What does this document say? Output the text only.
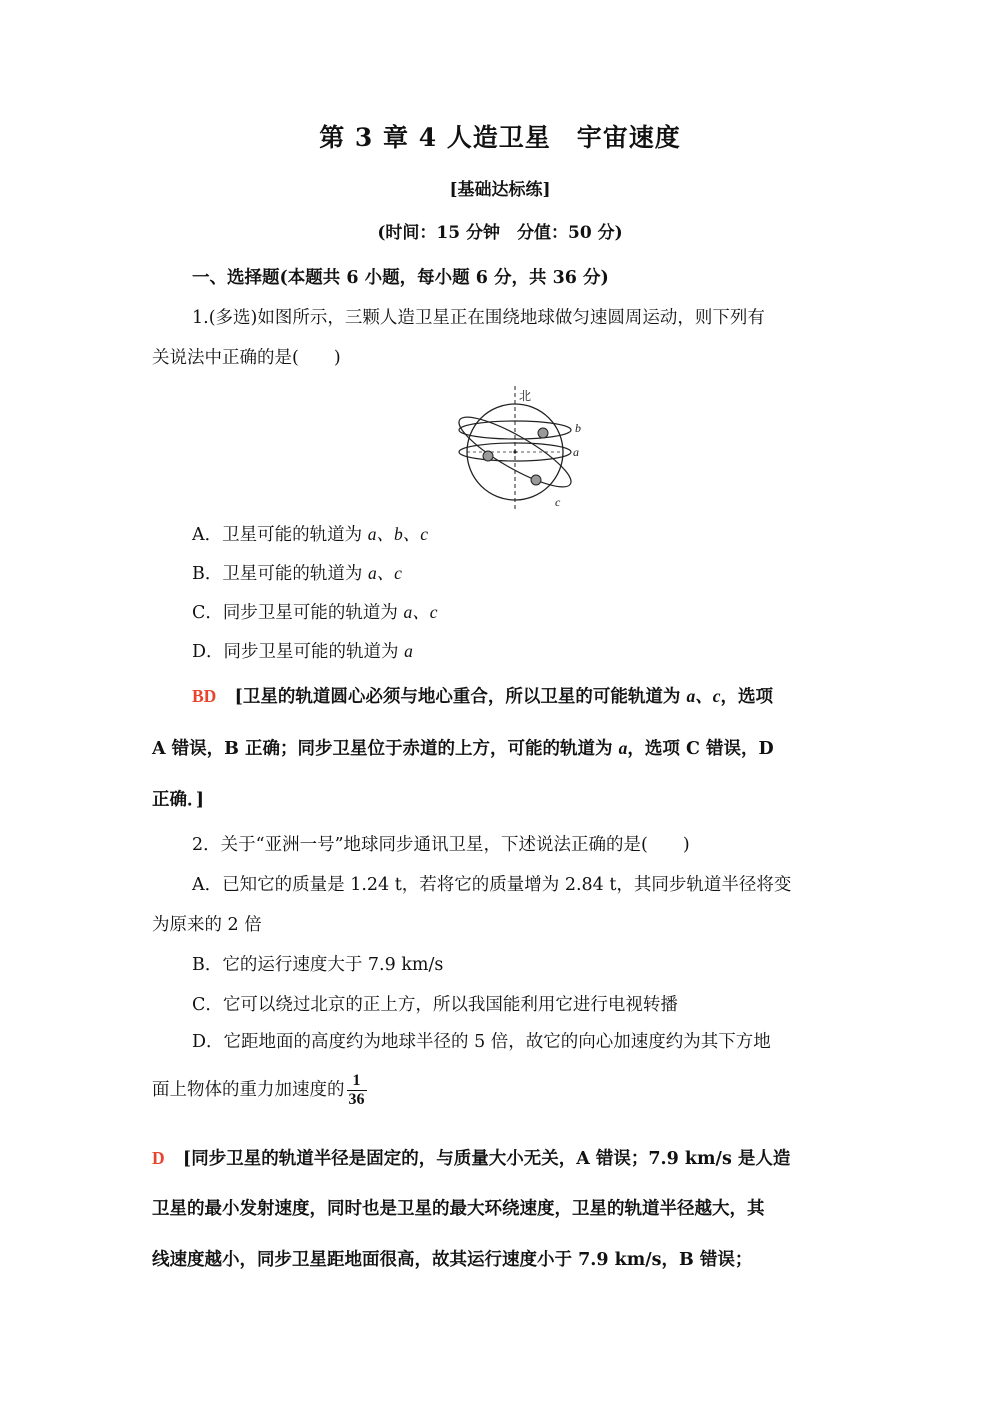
第 3 章 4 人造卫星　宇宙速度
[基础达标练]
(时间：15 分钟　分值：50 分)
一、选择题(本题共 6 小题，每小题 6 分，共 36 分)
1.(多选)如图所示，三颗人造卫星正在围绕地球做匀速圆周运动，则下列有
关说法中正确的是(　　)
北
b
a
c
A．卫星可能的轨道为 a、b、c
B．卫星可能的轨道为 a、c
C．同步卫星可能的轨道为 a、c
D．同步卫星可能的轨道为 a
BD [卫星的轨道圆心必须与地心重合，所以卫星的可能轨道为 a、c，选项
A 错误，B 正确；同步卫星位于赤道的上方，可能的轨道为 a，选项 C 错误，D
正确．]
2．关于“亚洲一号”地球同步通讯卫星，下述说法正确的是(　　)
A．已知它的质量是 1.24 t，若将它的质量增为 2.84 t，其同步轨道半径将变
为原来的 2 倍
B．它的运行速度大于 7.9 km/s
C．它可以绕过北京的正上方，所以我国能利用它进行电视转播
D．它距地面的高度约为地球半径的 5 倍，故它的向心加速度约为其下方地
面上物体的重力加速度的 $\frac{1}{36}$
D [同步卫星的轨道半径是固定的，与质量大小无关，A 错误；7.9 km/s 是人造
卫星的最小发射速度，同时也是卫星的最大环绕速度，卫星的轨道半径越大，其
线速度越小，同步卫星距地面很高，故其运行速度小于 7.9 km/s，B 错误；
